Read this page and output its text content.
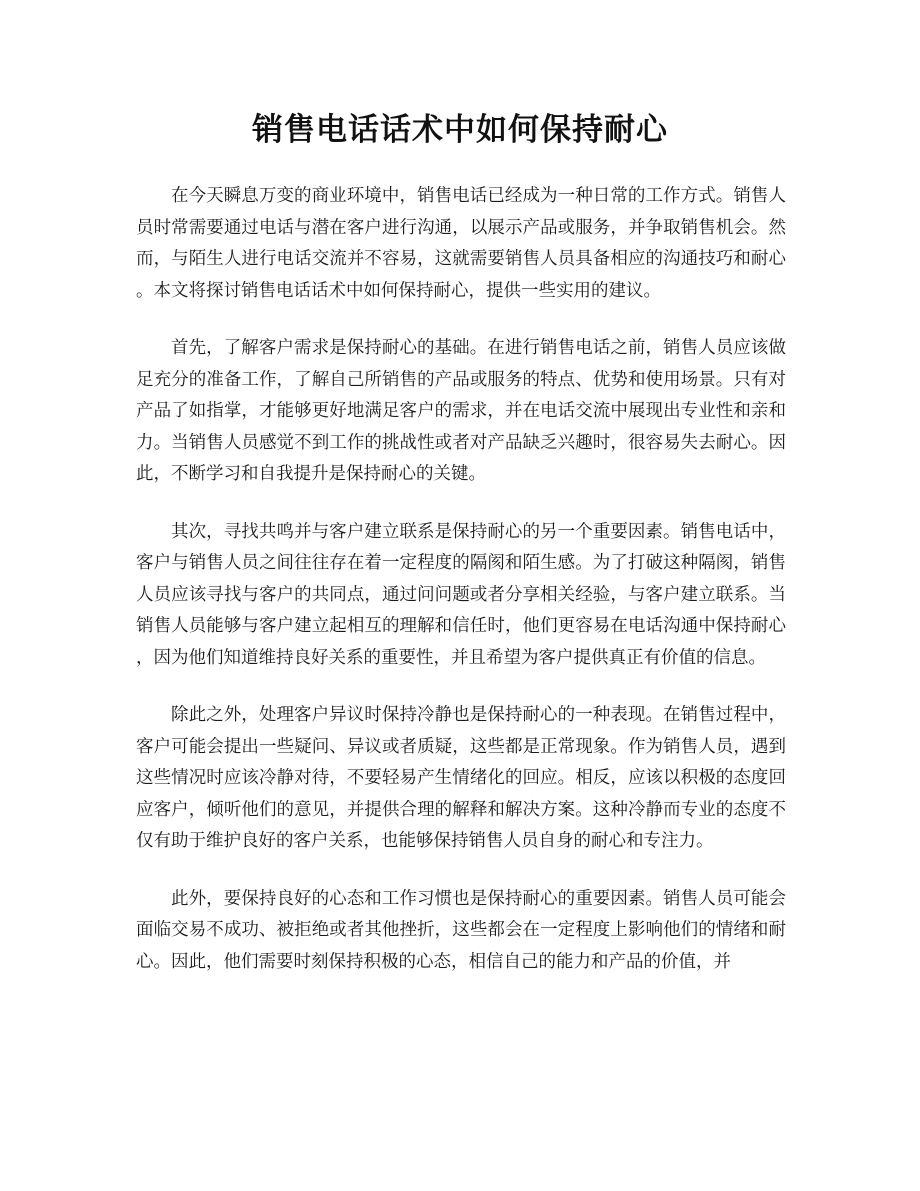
销售电话话术中如何保持耐心

在今天瞬息万变的商业环境中，销售电话已经成为一种日常的工作方式。销售人员时常需要通过电话与潜在客户进行沟通，以展示产品或服务，并争取销售机会。然而，与陌生人进行电话交流并不容易，这就需要销售人员具备相应的沟通技巧和耐心。本文将探讨销售电话话术中如何保持耐心，提供一些实用的建议。

首先，了解客户需求是保持耐心的基础。在进行销售电话之前，销售人员应该做足充分的准备工作，了解自己所销售的产品或服务的特点、优势和使用场景。只有对产品了如指掌，才能够更好地满足客户的需求，并在电话交流中展现出专业性和亲和力。当销售人员感觉不到工作的挑战性或者对产品缺乏兴趣时，很容易失去耐心。因此，不断学习和自我提升是保持耐心的关键。

其次，寻找共鸣并与客户建立联系是保持耐心的另一个重要因素。销售电话中，客户与销售人员之间往往存在着一定程度的隔阂和陌生感。为了打破这种隔阂，销售人员应该寻找与客户的共同点，通过问问题或者分享相关经验，与客户建立联系。当销售人员能够与客户建立起相互的理解和信任时，他们更容易在电话沟通中保持耐心，因为他们知道维持良好关系的重要性，并且希望为客户提供真正有价值的信息。

除此之外，处理客户异议时保持冷静也是保持耐心的一种表现。在销售过程中，客户可能会提出一些疑问、异议或者质疑，这些都是正常现象。作为销售人员，遇到这些情况时应该冷静对待，不要轻易产生情绪化的回应。相反，应该以积极的态度回应客户，倾听他们的意见，并提供合理的解释和解决方案。这种冷静而专业的态度不仅有助于维护良好的客户关系，也能够保持销售人员自身的耐心和专注力。

此外，要保持良好的心态和工作习惯也是保持耐心的重要因素。销售人员可能会面临交易不成功、被拒绝或者其他挫折，这些都会在一定程度上影响他们的情绪和耐心。因此，他们需要时刻保持积极的心态，相信自己的能力和产品的价值，并
